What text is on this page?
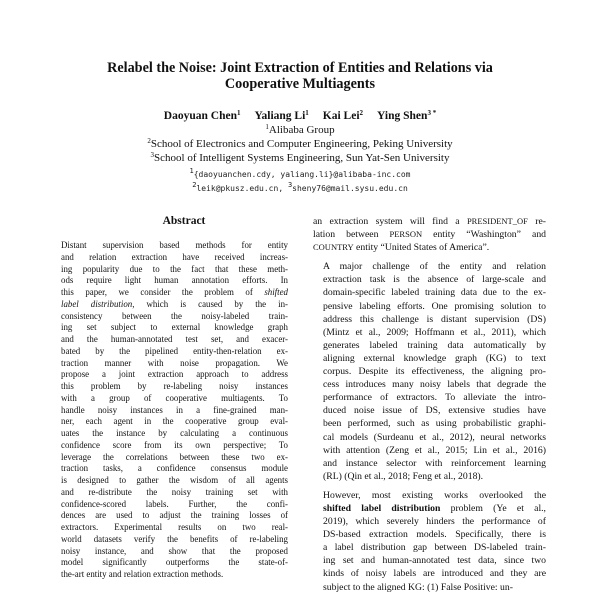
Relabel the Noise: Joint Extraction of Entities and Relations via
Cooperative Multiagents
Daoyuan Chen$^1$ Yaliang Li$^1$ Kai Lei$^2$ Ying Shen$^{3 *}$
$^1$Alibaba Group
$^2$School of Electronics and Computer Engineering, Peking University
$^3$School of Intelligent Systems Engineering, Sun Yat-Sen University
$^1${daoyuanchen.cdy, yaliang.li}@alibaba-inc.com
$^2$leik@pkusz.edu.cn, $^3$sheny76@mail.sysu.edu.cn
Abstract
Distant supervision based methods for entity
and relation extraction have received increas-
ing popularity due to the fact that these meth-
ods require light human annotation efforts. In
this paper, we consider the problem of shifted
label distribution, which is caused by the in-
consistency between the noisy-labeled train-
ing set subject to external knowledge graph
and the human-annotated test set, and exacer-
bated by the pipelined entity-then-relation ex-
traction manner with noise propagation. We
propose a joint extraction approach to address
this problem by re-labeling noisy instances
with a group of cooperative multiagents. To
handle noisy instances in a fine-grained man-
ner, each agent in the cooperative group eval-
uates the instance by calculating a continuous
confidence score from its own perspective; To
leverage the correlations between these two ex-
traction tasks, a confidence consensus module
is designed to gather the wisdom of all agents
and re-distribute the noisy training set with
confidence-scored labels. Further, the confi-
dences are used to adjust the training losses of
extractors. Experimental results on two real-
world datasets verify the benefits of re-labeling
noisy instance, and show that the proposed
model significantly outperforms the state-of-
the-art entity and relation extraction methods.

an extraction system will find a PRESIDENT_OF re-
lation between PERSON entity “Washington” and
COUNTRY entity “United States of America”.

A major challenge of the entity and relation
extraction task is the absence of large-scale and
domain-specific labeled training data due to the ex-
pensive labeling efforts. One promising solution to
address this challenge is distant supervision (DS)
(Mintz et al., 2009; Hoffmann et al., 2011), which
generates labeled training data automatically by
aligning external knowledge graph (KG) to text
corpus. Despite its effectiveness, the aligning pro-
cess introduces many noisy labels that degrade the
performance of extractors. To alleviate the intro-
duced noise issue of DS, extensive studies have
been performed, such as using probabilistic graphi-
cal models (Surdeanu et al., 2012), neural networks
with attention (Zeng et al., 2015; Lin et al., 2016)
and instance selector with reinforcement learning
(RL) (Qin et al., 2018; Feng et al., 2018).

However, most existing works overlooked the
shifted label distribution problem (Ye et al.,
2019), which severely hinders the performance of
DS-based extraction models. Specifically, there is
a label distribution gap between DS-labeled train-
ing set and human-annotated test data, since two
kinds of noisy labels are introduced and they are
subject to the aligned KG: (1) False Positive: un-
